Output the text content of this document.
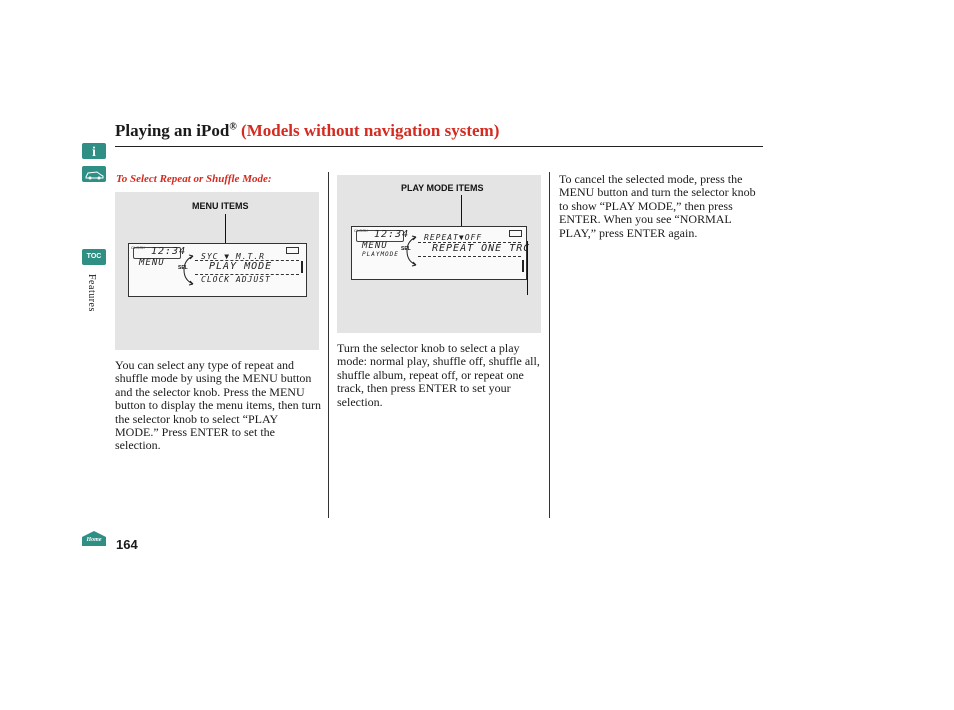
i
TOC
Features
Home
Playing an iPod® (Models without navigation system)
To Select Repeat or Shuffle Mode:
MENU ITEMS
CLOCK 12:34
MENU
SYC ▼ M.T.R
PLAY MODE
CLOCK ADJUST
SEL
PLAY MODE ITEMS
CLOCK 12:34
MENU
PLAYMODE
REPEAT▼OFF
REPEAT ONE TRC
SEL
You can select any type of repeat and shuffle mode by using the MENU button and the selector knob. Press the MENU button to display the menu items, then turn the selector knob to select “PLAY MODE.” Press ENTER to set the selection.
Turn the selector knob to select a play mode: normal play, shuffle off, shuffle all, shuffle album, repeat off, or repeat one track, then press ENTER to set your selection.
To cancel the selected mode, press the MENU button and turn the selector knob to show “PLAY MODE,” then press ENTER. When you see “NORMAL PLAY,” press ENTER again.
164
